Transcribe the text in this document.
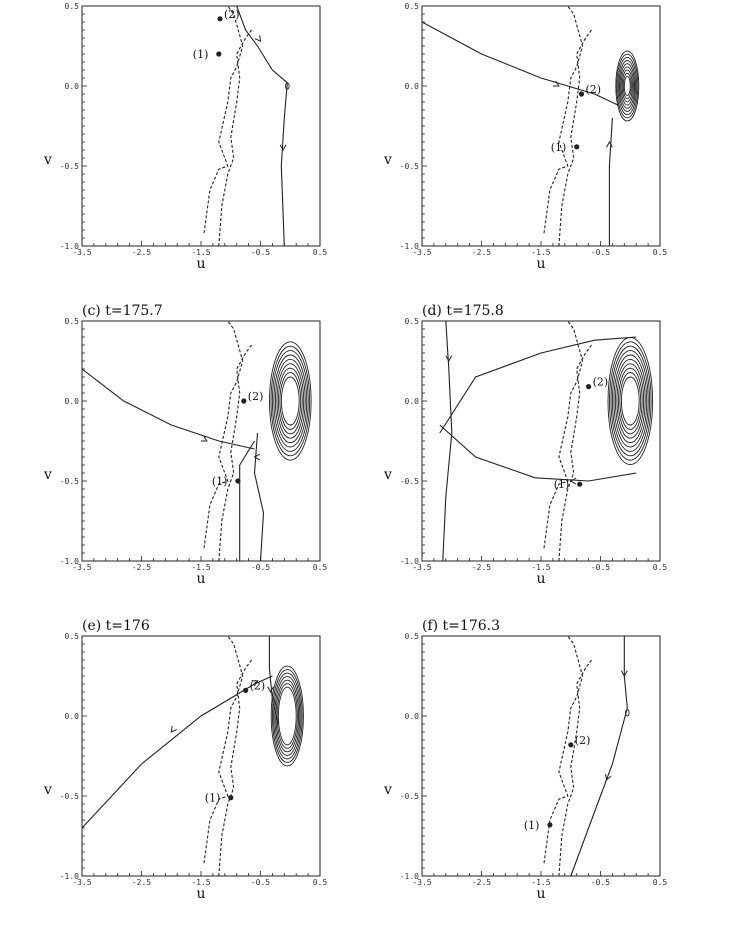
-3.5	-2.5	-1.5	-0.5	0.5
-1.0
-0.5
0.0
0.5
u
v
(1)
(2)
-3.5	-2.5	-1.5	-0.5	0.5
-1.0
-0.5
0.0
0.5
u
v
(1)
(2)
(c) t=175.7
-3.5	-2.5	-1.5	-0.5	0.5
-1.0
-0.5
0.0
0.5
u
v	(1)
(2)
(d) t=175.8
-3.5	-2.5	-1.5	-0.5	0.5
-1.0
-0.5
0.0
0.5
u
v
(1)
(2)
(e) t=176
-3.5	-2.5	-1.5	-0.5	0.5
-1.0
-0.5
0.0
0.5
u
v
(1)
(2)
(f) t=176.3
-3.5	-2.5	-1.5	-0.5	0.5
-1.0
-0.5
0.0
0.5
u
v
(1)
(2)
